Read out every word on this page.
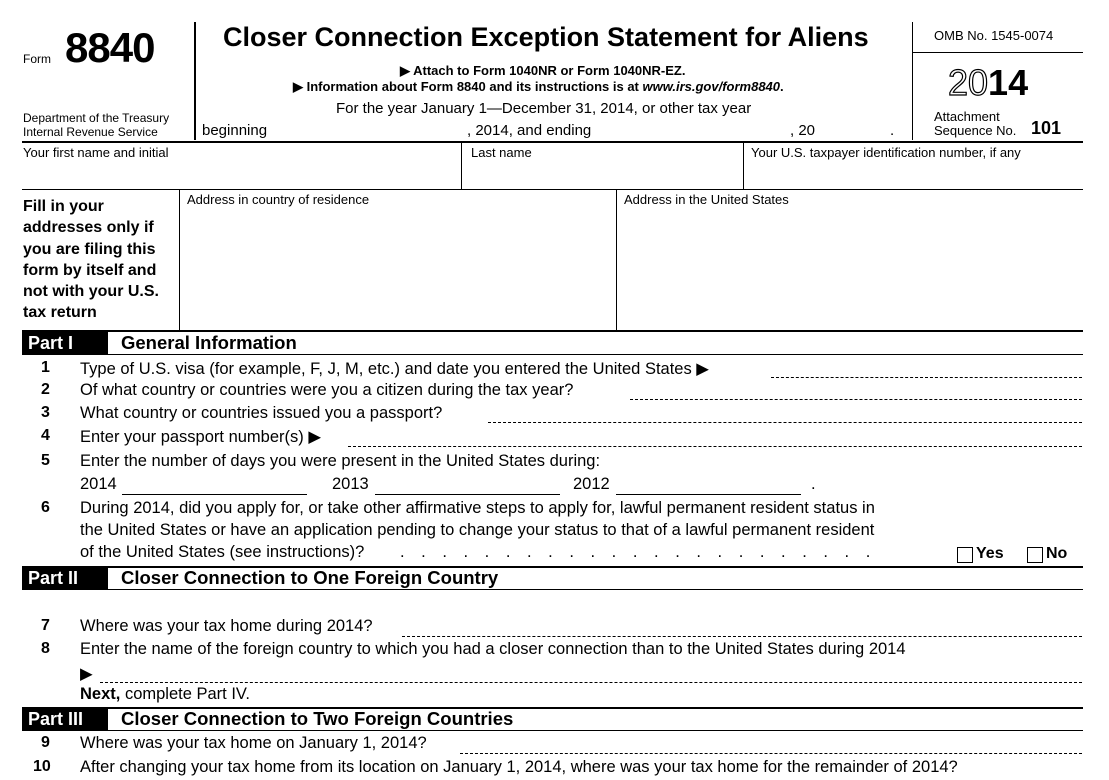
Form 8840
Department of the Treasury
Internal Revenue Service
Closer Connection Exception Statement for Aliens
▶ Attach to Form 1040NR or Form 1040NR-EZ.
▶ Information about Form 8840 and its instructions is at www.irs.gov/form8840.
For the year January 1—December 31, 2014, or other tax year
beginning	, 2014, and ending	, 20	.
OMB No. 1545-0074
2014
Attachment
Sequence No. 101
Your first name and initial	Last name	Your U.S. taxpayer identification number, if any
Fill in your
addresses only if
you are filing this
form by itself and
not with your U.S.
tax return
Address in country of residence	Address in the United States
Part I	General Information
1 Type of U.S. visa (for example, F, J, M, etc.) and date you entered the United States ▶
2 Of what country or countries were you a citizen during the tax year?
3 What country or countries issued you a passport?
4 Enter your passport number(s) ▶
5 Enter the number of days you were present in the United States during:
2014	2013	2012	.
6 During 2014, did you apply for, or take other affirmative steps to apply for, lawful permanent resident status in
the United States or have an application pending to change your status to that of a lawful permanent resident
of the United States (see instructions)? . . . . . . . . . . . . . . . . . . . . . . .	Yes	No
Part II	Closer Connection to One Foreign Country
7 Where was your tax home during 2014?
8 Enter the name of the foreign country to which you had a closer connection than to the United States during 2014
▶
Next, complete Part IV.
Part III	Closer Connection to Two Foreign Countries
9 Where was your tax home on January 1, 2014?
10 After changing your tax home from its location on January 1, 2014, where was your tax home for the remainder of 2014?
